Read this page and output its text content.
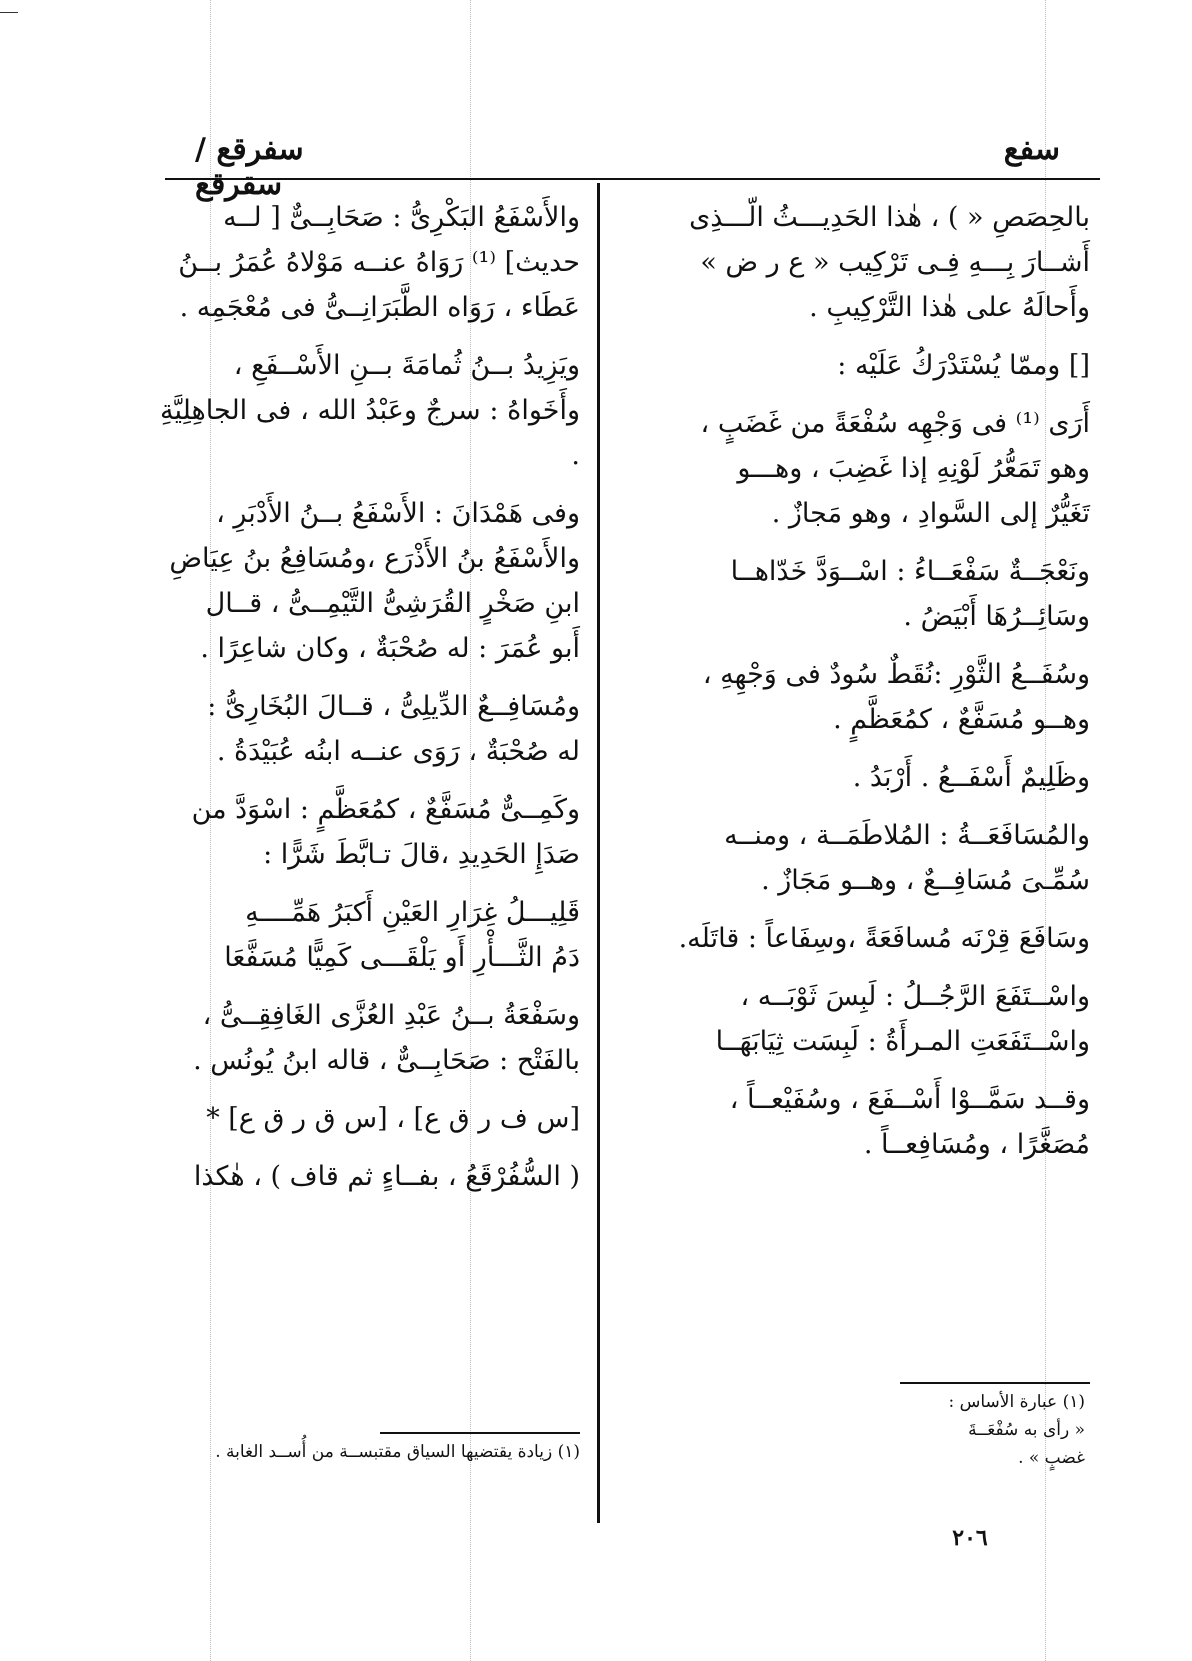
سفع
سفرقع / سقرقع
بالحِصَصِ « ) ، هٰذا الحَدِيـــثُ الّـــذِى
أَشــارَ بِـــهِ فِـى تَرْكِيب « ع ر ض »
وأَحالَهُ على هٰذا التَّرْكِيبِ .
[] وممّا يُسْتَدْرَكُ عَلَيْه :
أَرَى ⁽¹⁾ فى وَجْهِه سُفْعَةً من غَضَبٍ ،
وهو تَمَعُّرُ لَوْنِهِ إذا غَضِبَ ، وهـــو
تَغَيُّرٌ إلى السَّوادِ ، وهو مَجازٌ .
ونَعْجَــةٌ سَفْعَــاءُ : اسْــوَدَّ خَدّاهــا
وسَائِــرُهَا أَبْيَضُ .
وسُفَــعُ الثَّوْرِ :نُقَطٌ سُودٌ فى وَجْهِهِ ،
وهــو مُسَفَّعٌ ، كمُعَظَّمٍ .
وظَلِيمٌ أَسْفَــعُ . أَرْبَدُ .
والمُسَافَعَــةُ : المُلاطَمَــة ، ومنــه
سُمِّـىَ مُسَافِــعٌ ، وهــو مَجَازٌ .
وسَافَعَ قِرْنَه مُسافَعَةً ،وسِفَاعاً : قاتَلَه.
واسْــتَفَعَ الرَّجُــلُ : لَبِسَ ثَوْبَــه ،
واسْــتَفَعَتِ المـرأَةُ : لَبِسَت ثِيَابَهَــا
وقــد سَمَّــوْا أَسْــفَعَ ، وسُفَيْعــاً ،
مُصَغَّرًا ، ومُسَافِعــاً .
والأَسْفَعُ البَكْرِىُّ : صَحَابِــىٌّ [ لــه
حديث] ⁽¹⁾ رَوَاهُ عنــه مَوْلاهُ عُمَرُ بــنُ
عَطَاء ، رَوَاه الطَّبَرَانِــىُّ فى مُعْجَمِه .
ويَزِيدُ بــنُ ثُمامَةَ بــنِ الأَسْــفَعِ ،
وأَخَواهُ : سرجٌ وعَبْدُ الله ، فى الجاهِلِيَّةِ .
وفى هَمْدَانَ : الأَسْفَعُ بــنُ الأَدْبَرِ ،
والأَسْفَعُ بنُ الأَذْرَع ،ومُسَافِعُ بنُ عِيَاضِ
ابنِ صَخْرٍ القُرَشِىُّ التَّيْمِــىُّ ، قــال
أَبو عُمَرَ : له صُحْبَةٌ ، وكان شاعِرًا .
ومُسَافِــعٌ الدِّيلِىُّ ، قــالَ البُخَارِىُّ :
له صُحْبَةٌ ، رَوَى عنــه ابنُه عُبَيْدَةُ .
وكَمِــىٌّ مُسَفَّعٌ ، كمُعَظَّمٍ : اسْوَدَّ من
صَدَإِ الحَدِيدِ ،قالَ تـابَّطَ شَرًّا :
قَلِيـــلُ غِرَارِ العَيْنِ أَكبَرُ هَمِّــــهِ
دَمُ الثَّـــأْرِ أَو يَلْقَـــى كَمِيًّا مُسَفَّعَا
وسَفْعَةُ بــنُ عَبْدِ العُزَّى الغَافِقِــىُّ ،
بالفَتْح : صَحَابِــىٌّ ، قاله ابنُ يُونُس .
[س ف ر ق ع] ، [س ق ر ق ع] *
( السُّفُرْقَعُ ، بفــاءٍ ثم قاف ) ، هٰكذا
(١) عبارة الأساس : « رأى به سُفْعَــةَ
غضبٍ » .
(١) زيادة يقتضيها السياق مقتبســة من أُســد الغابة .
٢٠٦
